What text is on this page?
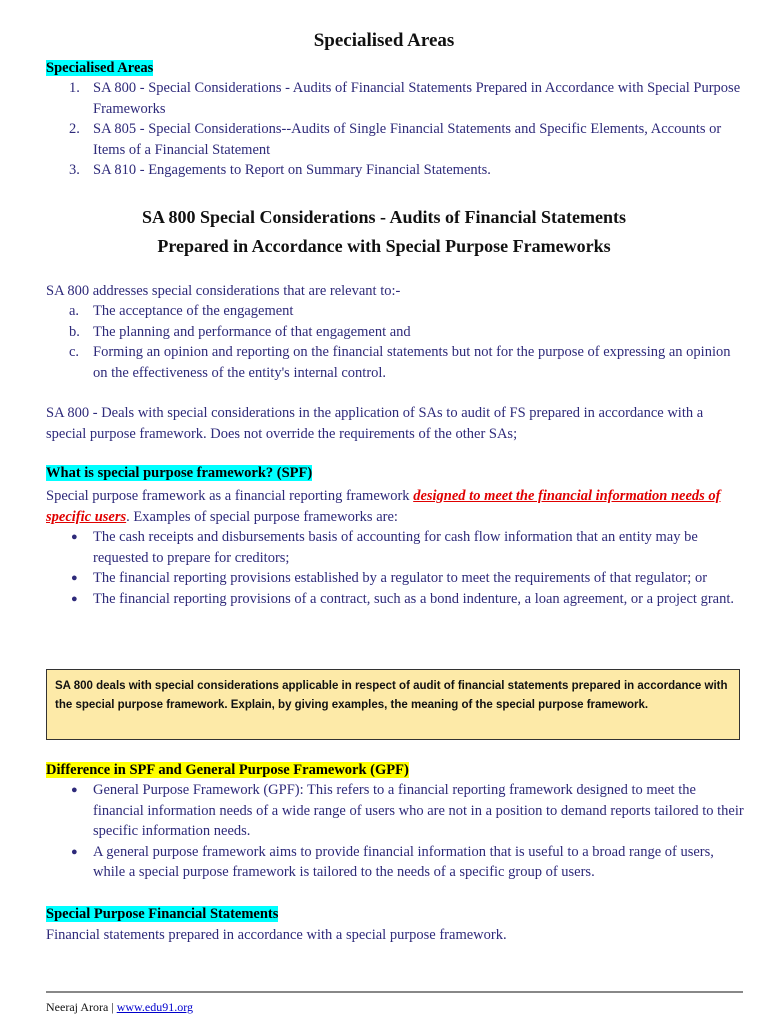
Specialised Areas
Specialised Areas
1. SA 800 - Special Considerations - Audits of Financial Statements Prepared in Accordance with Special Purpose Frameworks
2. SA 805 - Special Considerations--Audits of Single Financial Statements and Specific Elements, Accounts or Items of a Financial Statement
3. SA 810 - Engagements to Report on Summary Financial Statements.
SA 800 Special Considerations - Audits of Financial Statements
Prepared in Accordance with Special Purpose Frameworks
SA 800 addresses special considerations that are relevant to:-
a. The acceptance of the engagement
b. The planning and performance of that engagement and
c. Forming an opinion and reporting on the financial statements but not for the purpose of expressing an opinion on the effectiveness of the entity's internal control.
SA 800 - Deals with special considerations in the application of SAs to audit of FS prepared in accordance with a special purpose framework. Does not override the requirements of the other SAs;
What is special purpose framework? (SPF)
Special purpose framework as a financial reporting framework designed to meet the financial information needs of specific users. Examples of special purpose frameworks are:
● The cash receipts and disbursements basis of accounting for cash flow information that an entity may be requested to prepare for creditors;
● The financial reporting provisions established by a regulator to meet the requirements of that regulator; or
● The financial reporting provisions of a contract, such as a bond indenture, a loan agreement, or a project grant.
SA 800 deals with special considerations applicable in respect of audit of financial statements prepared in accordance with the special purpose framework. Explain, by giving examples, the meaning of the special purpose framework.
Difference in SPF and General Purpose Framework (GPF)
● General Purpose Framework (GPF): This refers to a financial reporting framework designed to meet the financial information needs of a wide range of users who are not in a position to demand reports tailored to their specific information needs.
● A general purpose framework aims to provide financial information that is useful to a broad range of users, while a special purpose framework is tailored to the needs of a specific group of users.
Special Purpose Financial Statements
Financial statements prepared in accordance with a special purpose framework.
Neeraj Arora | www.edu91.org
